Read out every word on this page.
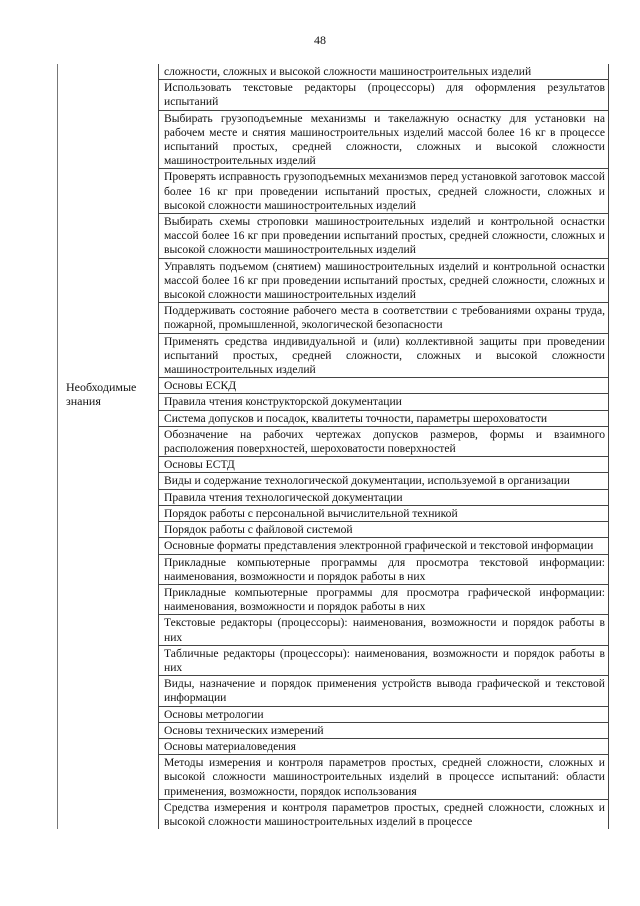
48
Необходимые знания

сложности, сложных и высокой сложности машиностроительных изделий
Использовать текстовые редакторы (процессоры) для оформления результатов испытаний
Выбирать грузоподъемные механизмы и такелажную оснастку для установки на рабочем месте и снятия машиностроительных изделий массой более 16 кг в процессе испытаний простых, средней сложности, сложных и высокой сложности машиностроительных изделий
Проверять исправность грузоподъемных механизмов перед установкой заготовок массой более 16 кг при проведении испытаний простых, средней сложности, сложных и высокой сложности машиностроительных изделий
Выбирать схемы строповки машиностроительных изделий и контрольной оснастки массой более 16 кг при проведении испытаний простых, средней сложности, сложных и высокой сложности машиностроительных изделий
Управлять подъемом (снятием) машиностроительных изделий и контрольной оснастки массой более 16 кг при проведении испытаний простых, средней сложности, сложных и высокой сложности машиностроительных изделий
Поддерживать состояние рабочего места в соответствии с требованиями охраны труда, пожарной, промышленной, экологической безопасности
Применять средства индивидуальной и (или) коллективной защиты при проведении испытаний простых, средней сложности, сложных и высокой сложности машиностроительных изделий
Основы ЕСКД
Правила чтения конструкторской документации
Система допусков и посадок, квалитеты точности, параметры шероховатости
Обозначение на рабочих чертежах допусков размеров, формы и взаимного расположения поверхностей, шероховатости поверхностей
Основы ЕСТД
Виды и содержание технологической документации, используемой в организации
Правила чтения технологической документации
Порядок работы с персональной вычислительной техникой
Порядок работы с файловой системой
Основные форматы представления электронной графической и текстовой информации
Прикладные компьютерные программы для просмотра текстовой информации: наименования, возможности и порядок работы в них
Прикладные компьютерные программы для просмотра графической информации: наименования, возможности и порядок работы в них
Текстовые редакторы (процессоры): наименования, возможности и порядок работы в них
Табличные редакторы (процессоры): наименования, возможности и порядок работы в них
Виды, назначение и порядок применения устройств вывода графической и текстовой информации
Основы метрологии
Основы технических измерений
Основы материаловедения
Методы измерения и контроля параметров простых, средней сложности, сложных и высокой сложности машиностроительных изделий в процессе испытаний: области применения, возможности, порядок использования
Средства измерения и контроля параметров простых, средней сложности, сложных и высокой сложности машиностроительных изделий в процессе
